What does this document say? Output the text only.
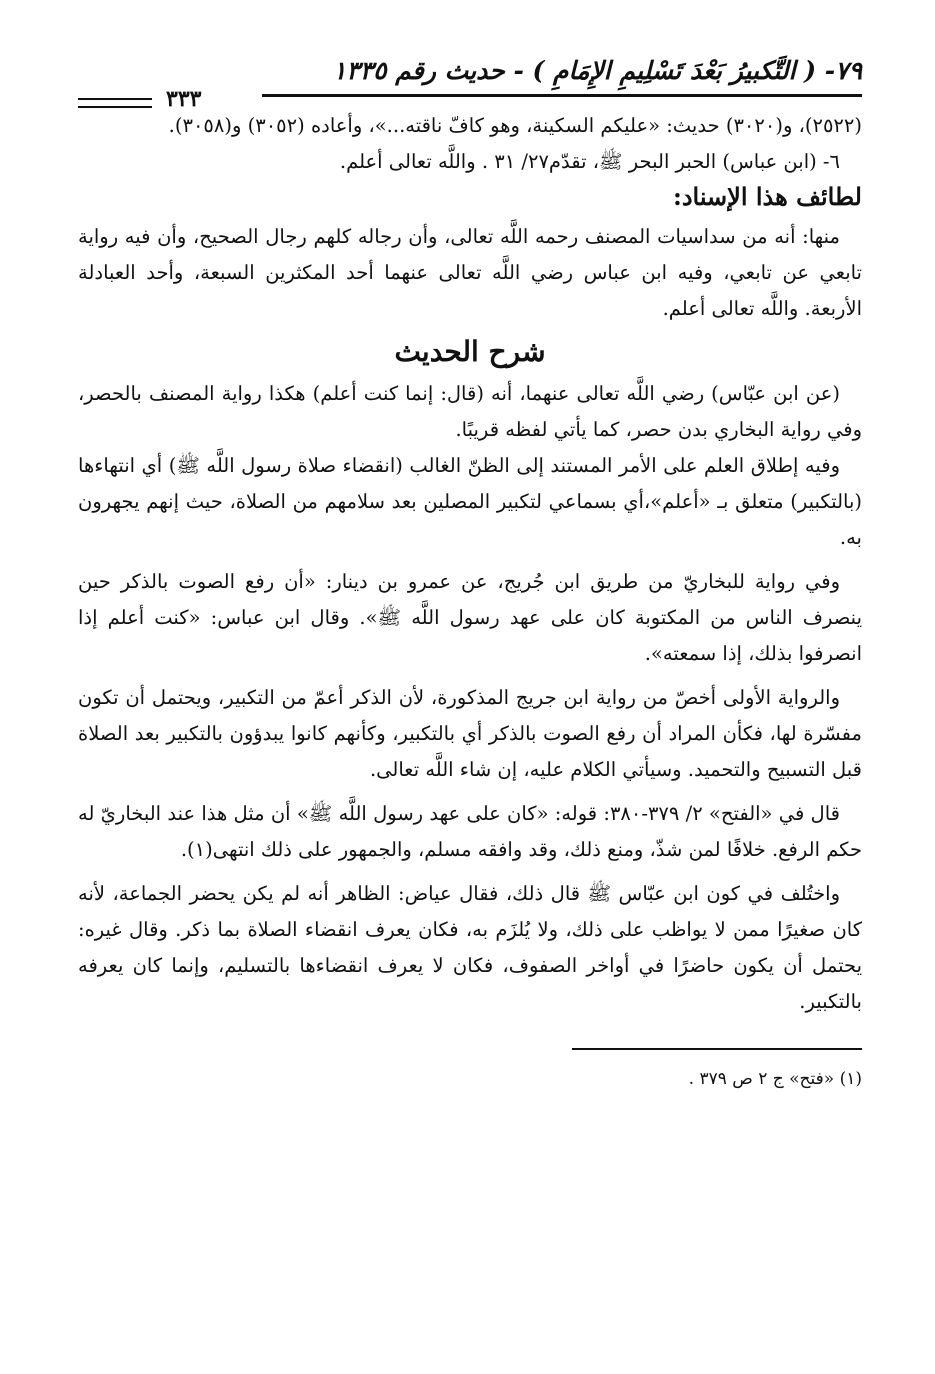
٧٩- ( التَّكبيرُ بَعْدَ تَسْلِيمِ الإِمَامِ ) - حديث رقم ١٣٣٥
٣٣٣

(٢٥٢٢)، و(٣٠٢٠) حديث: «عليكم السكينة، وهو كافّ ناقته...»، وأعاده (٣٠٥٢) و(٣٠٥٨).

٦- (ابن عباس) الحبر البحر ﷺ، تقدّم٢٧/ ٣١ . واللَّه تعالى أعلم.

لطائف هذا الإسناد:

منها: أنه من سداسيات المصنف رحمه اللَّه تعالى، وأن رجاله كلهم رجال الصحيح، وأن فيه رواية تابعي عن تابعي، وفيه ابن عباس رضي اللَّه تعالى عنهما أحد المكثرين السبعة، وأحد العبادلة الأربعة. واللَّه تعالى أعلم.

شرح الحديث

(عن ابن عبّاس) رضي اللَّه تعالى عنهما، أنه (قال: إنما كنت أعلم) هكذا رواية المصنف بالحصر، وفي رواية البخاري بدن حصر، كما يأتي لفظه قريبًا.

وفيه إطلاق العلم على الأمر المستند إلى الظنّ الغالب (انقضاء صلاة رسول اللَّه ﷺ) أي انتهاءها (بالتكبير) متعلق بـ «أعلم»،أي بسماعي لتكبير المصلين بعد سلامهم من الصلاة، حيث إنهم يجهرون به.

وفي رواية للبخاريّ من طريق ابن جُريج، عن عمرو بن دينار: «أن رفع الصوت بالذكر حين ينصرف الناس من المكتوبة كان على عهد رسول اللَّه ﷺ». وقال ابن عباس: «كنت أعلم إذا انصرفوا بذلك، إذا سمعته».

والرواية الأولى أخصّ من رواية ابن جريج المذكورة، لأن الذكر أعمّ من التكبير، ويحتمل أن تكون مفسّرة لها، فكأن المراد أن رفع الصوت بالذكر أي بالتكبير، وكأنهم كانوا يبدؤون بالتكبير بعد الصلاة قبل التسبيح والتحميد. وسيأتي الكلام عليه، إن شاء اللَّه تعالى.

قال في «الفتح» ٢/ ٣٧٩-٣٨٠: قوله: «كان على عهد رسول اللَّه ﷺ» أن مثل هذا عند البخاريّ له حكم الرفع. خلافًا لمن شذّ، ومنع ذلك، وقد وافقه مسلم، والجمهور على ذلك انتهى(١).

واختُلف في كون ابن عبّاس ﷺ قال ذلك، فقال عياض: الظاهر أنه لم يكن يحضر الجماعة، لأنه كان صغيرًا ممن لا يواظب على ذلك، ولا يُلزَم به، فكان يعرف انقضاء الصلاة بما ذكر. وقال غيره: يحتمل أن يكون حاضرًا في أواخر الصفوف، فكان لا يعرف انقضاءها بالتسليم، وإنما كان يعرفه بالتكبير.

(١) «فتح» ج ٢ ص ٣٧٩ .
